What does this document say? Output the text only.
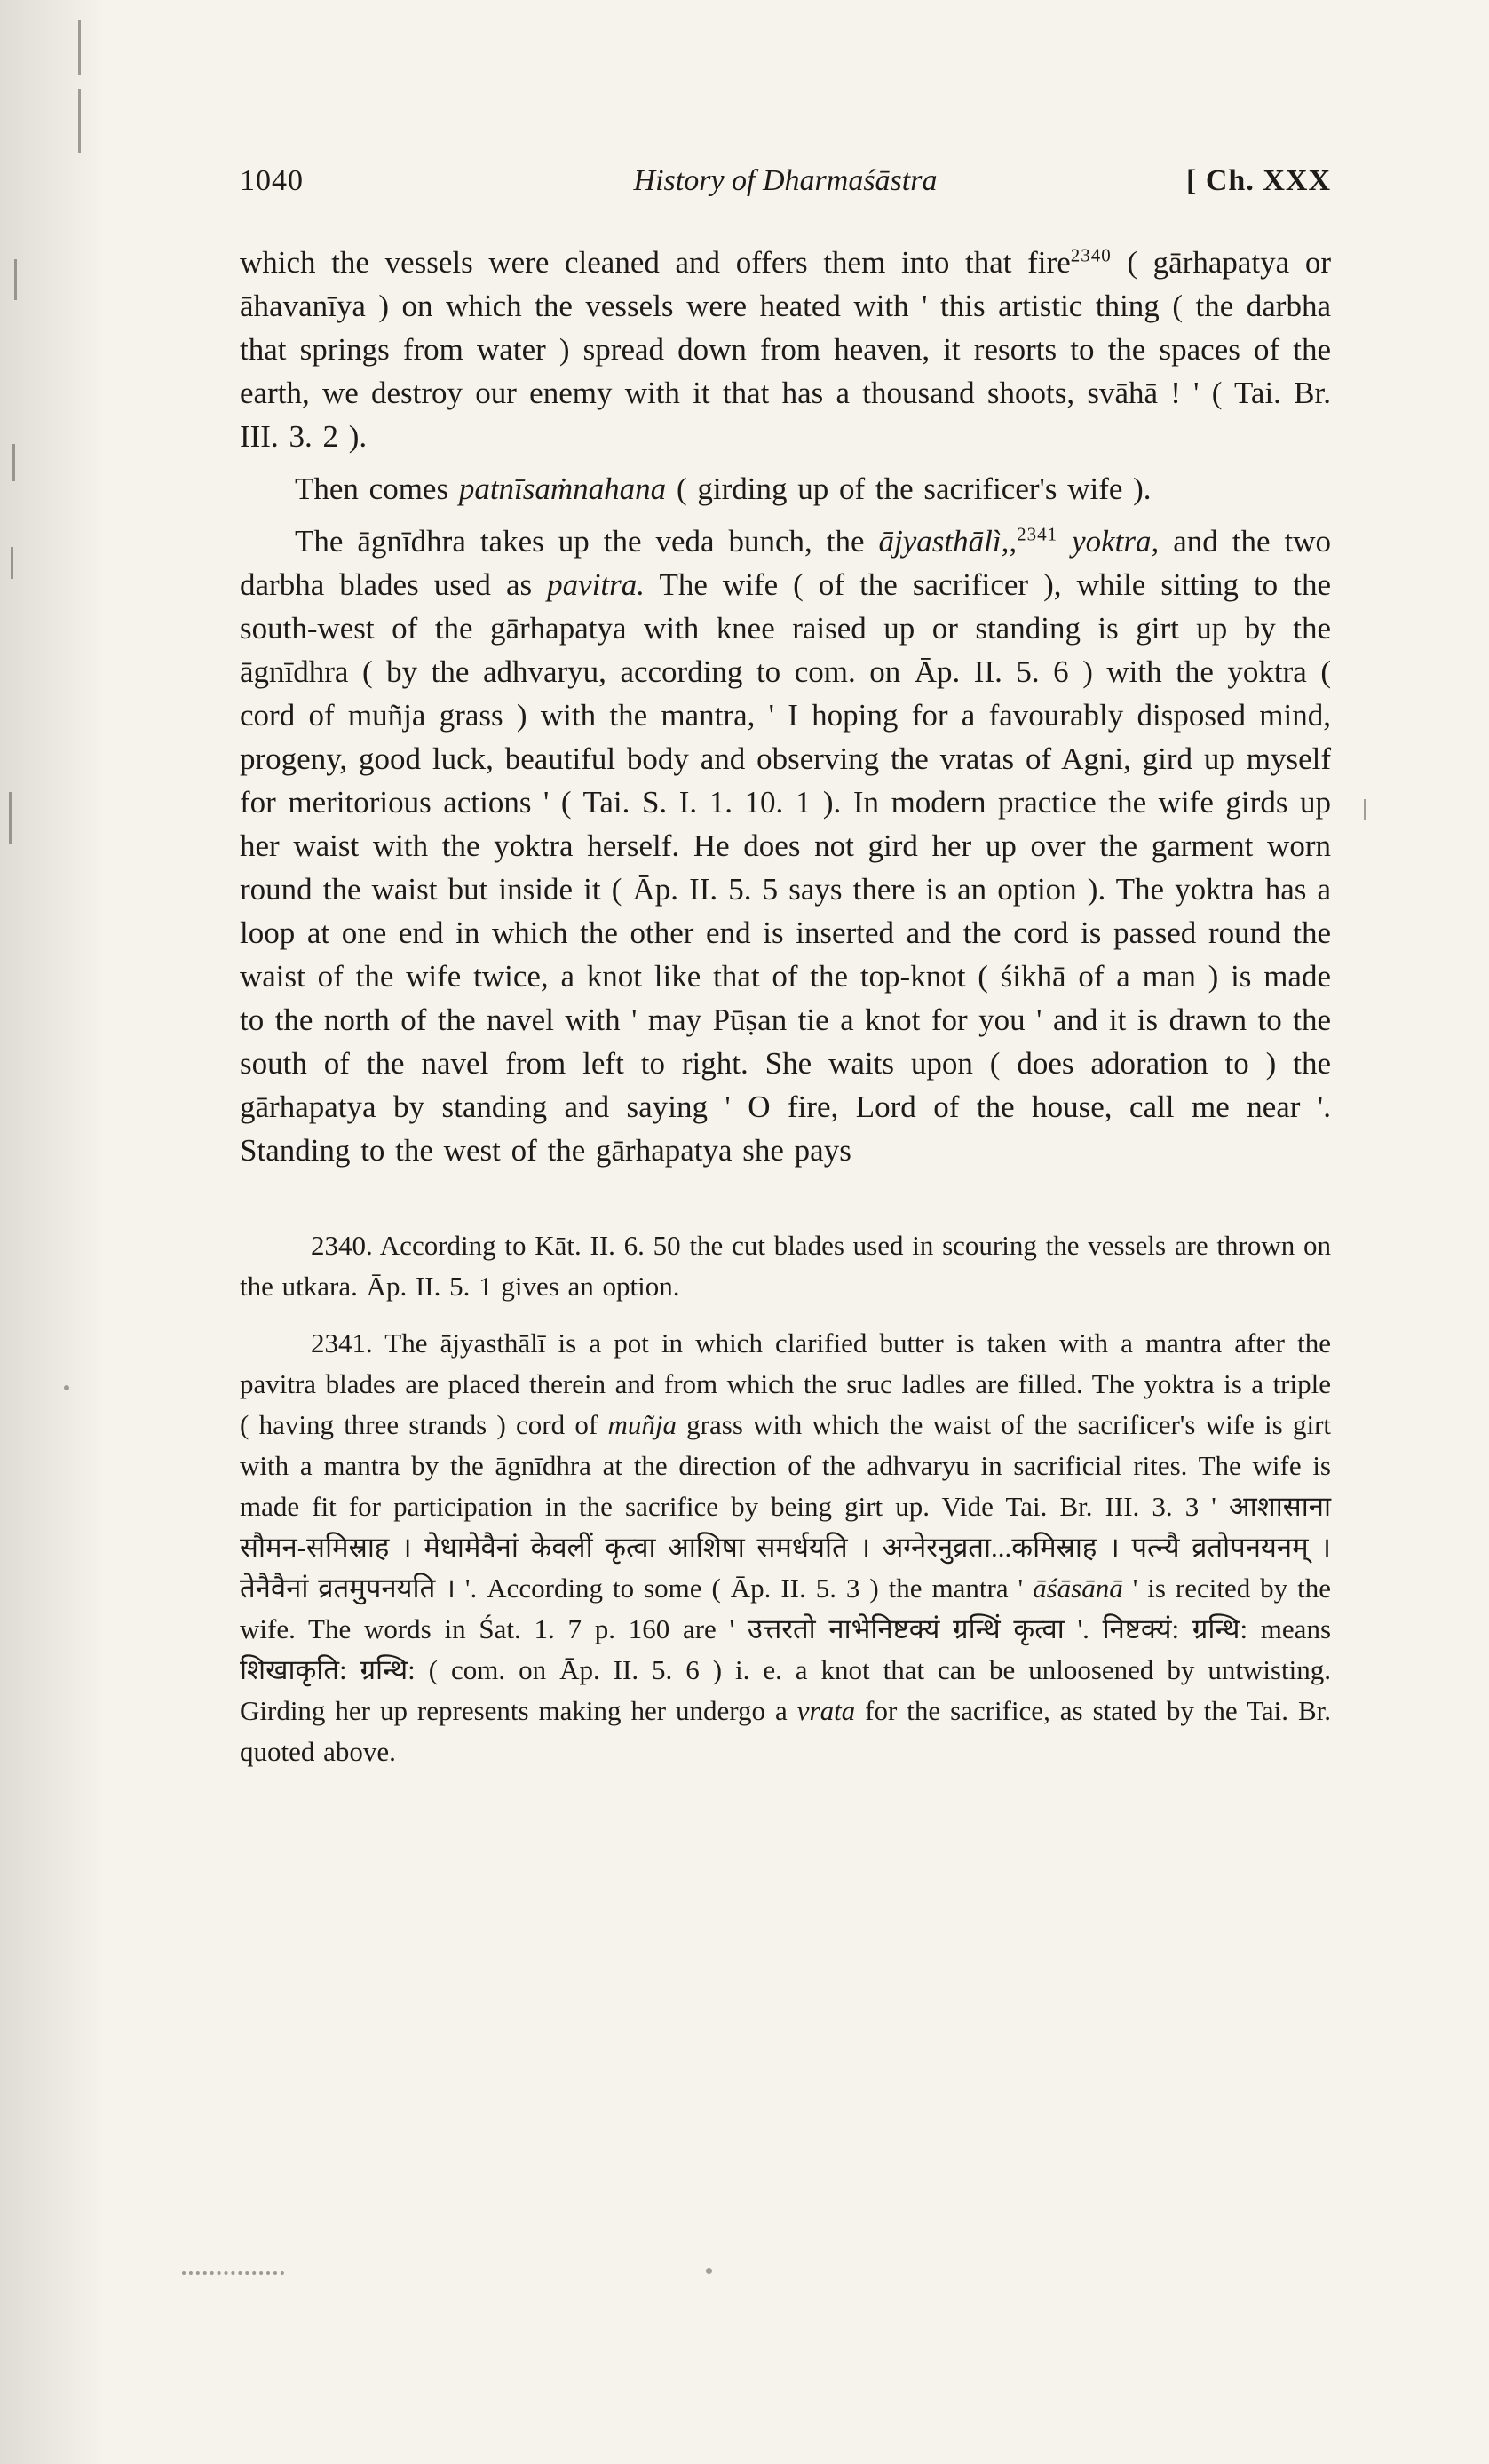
1040	History of Dharmaśāstra	[ Ch. XXX

which the vessels were cleaned and offers them into that fire$^{2340}$ ( gārhapatya or āhavanīya ) on which the vessels were heated with ' this artistic thing ( the darbha that springs from water ) spread down from heaven, it resorts to the spaces of the earth, we destroy our enemy with it that has a thousand shoots, svāhā ! ' ( Tai. Br. III. 3. 2 ).

Then comes patnīsaṁnahana ( girding up of the sacrificer's wife ).

The āgnīdhra takes up the veda bunch, the ājyasthālì,,$^{2341}$ yoktra, and the two darbha blades used as pavitra. The wife ( of the sacrificer ), while sitting to the south-west of the gārhapatya with knee raised up or standing is girt up by the āgnīdhra ( by the adhvaryu, according to com. on Āp. II. 5. 6 ) with the yoktra ( cord of muñja grass ) with the mantra, ' I hoping for a favourably disposed mind, progeny, good luck, beautiful body and observing the vratas of Agni, gird up myself for meritorious actions ' ( Tai. S. I. 1. 10. 1 ). In modern practice the wife girds up her waist with the yoktra herself. He does not gird her up over the garment worn round the waist but inside it ( Āp. II. 5. 5 says there is an option ). The yoktra has a loop at one end in which the other end is inserted and the cord is passed round the waist of the wife twice, a knot like that of the top-knot ( śikhā of a man ) is made to the north of the navel with ' may Pūṣan tie a knot for you ' and it is drawn to the south of the navel from left to right. She waits upon ( does adoration to ) the gārhapatya by standing and saying ' O fire, Lord of the house, call me near '. Standing to the west of the gārhapatya she pays

2340. According to Kāt. II. 6. 50 the cut blades used in scouring the vessels are thrown on the utkara. Āp. II. 5. 1 gives an option.

2341. The ājyasthālī is a pot in which clarified butter is taken with a mantra after the pavitra blades are placed therein and from which the sruc ladles are filled. The yoktra is a triple ( having three strands ) cord of muñja grass with which the waist of the sacrificer's wife is girt with a mantra by the āgnīdhra at the direction of the adhvaryu in sacrificial rites. The wife is made fit for participation in the sacrifice by being girt up. Vide Tai. Br. III. 3. 3 ' आशासाना सौमन-समिस्राह । मेधामेवैनां केवलीं कृत्वा आशिषा समर्धयति । अग्नेरनुव्रता...कमिस्राह । पत्न्यै व्रतोपनयनम् । तेनैवैनां व्रतमुपनयति । '. According to some ( Āp. II. 5. 3 ) the mantra ' āśāsānā ' is recited by the wife. The words in Śat. 1. 7 p. 160 are ' उत्तरतो नाभेनिष्टक्यं ग्रन्थिं कृत्वा '. निष्टक्यं: ग्रन्थि: means शिखाकृति: ग्रन्थि: ( com. on Āp. II. 5. 6 ) i. e. a knot that can be unloosened by untwisting. Girding her up represents making her undergo a vrata for the sacrifice, as stated by the Tai. Br. quoted above.
